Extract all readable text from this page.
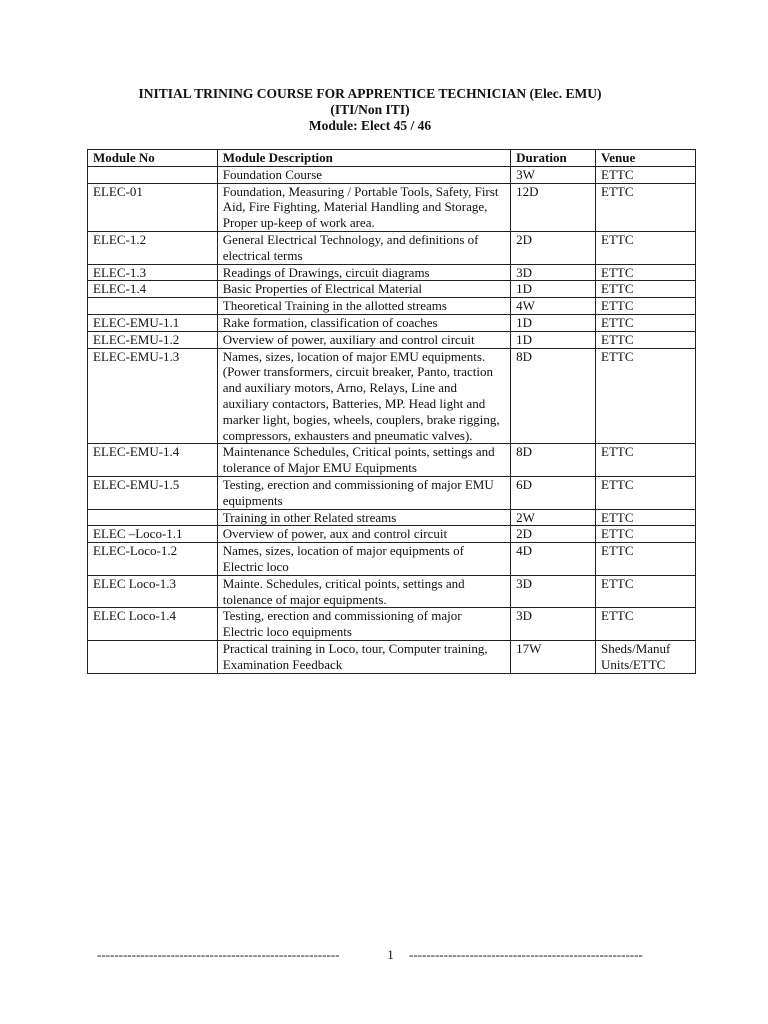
INITIAL TRINING COURSE FOR APPRENTICE TECHNICIAN (Elec. EMU)
(ITI/Non ITI)
Module: Elect 45 / 46
Module No	Module Description	Duration	Venue
	Foundation Course	3W	ETTC
ELEC-01	Foundation, Measuring / Portable Tools, Safety, First Aid, Fire Fighting, Material Handling and Storage, Proper up-keep of work area.	12D	ETTC
ELEC-1.2	General Electrical Technology, and definitions of electrical terms	2D	ETTC
ELEC-1.3	Readings of Drawings, circuit diagrams	3D	ETTC
ELEC-1.4	Basic Properties of Electrical Material	1D	ETTC
	Theoretical Training in the allotted streams	4W	ETTC
ELEC-EMU-1.1	Rake formation, classification of coaches	1D	ETTC
ELEC-EMU-1.2	Overview of power, auxiliary and control circuit	1D	ETTC
ELEC-EMU-1.3	Names, sizes, location of major EMU equipments. (Power transformers, circuit breaker, Panto, traction and auxiliary motors, Arno, Relays, Line and auxiliary contactors, Batteries, MP. Head light and marker light, bogies, wheels, couplers, brake rigging, compressors, exhausters and pneumatic valves).	8D	ETTC
ELEC-EMU-1.4	Maintenance Schedules, Critical points, settings and tolerance of Major EMU Equipments	8D	ETTC
ELEC-EMU-1.5	Testing, erection and commissioning of major EMU equipments	6D	ETTC
	Training in other Related streams	2W	ETTC
ELEC –Loco-1.1	Overview of power, aux and control circuit	2D	ETTC
ELEC-Loco-1.2	Names, sizes, location of major equipments of Electric loco	4D	ETTC
ELEC Loco-1.3	Mainte. Schedules, critical points, settings and tolenance of major equipments.	3D	ETTC
ELEC Loco-1.4	Testing, erection and commissioning of major Electric loco equipments	3D	ETTC
	Practical training in Loco, tour, Computer training, Examination Feedback	17W	Sheds/Manuf Units/ETTC
--------------------------------------------------------	1	------------------------------------------------------
